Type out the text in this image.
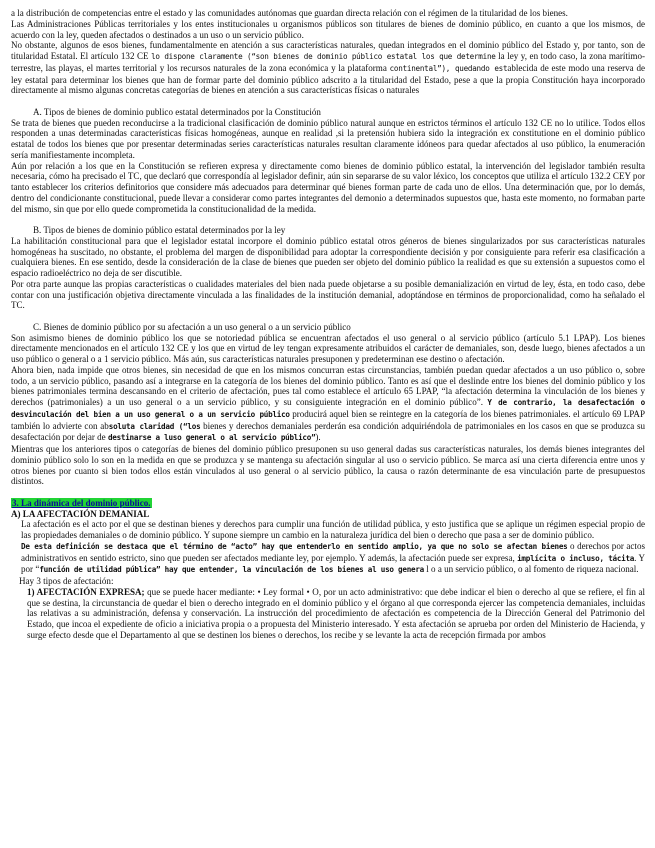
a la distribución de competencias entre el estado y las comunidades autónomas que guardan directa relación con el régimen de la titularidad de los bienes.

Las Administraciones Públicas territoriales y los entes institucionales u organismos públicos son titulares de bienes de dominio público, en cuanto a que los mismos, de acuerdo con la ley, queden afectados o destinados a un uso o un servicio público.

No obstante, algunos de esos bienes, fundamentalmente en atención a sus características naturales, quedan integrados en el dominio público del Estado y, por tanto, son de titularidad Estatal. El artículo 132 CE lo dispone claramente (“son bienes de dominio público estatal los que determine la ley y, en todo caso, la zona marítimo-terrestre, las playas, el martes territorial y los recursos naturales de la zona económica y la plataforma continental”), quedando establecida de este modo una reserva de ley estatal para determinar los bienes que han de formar parte del dominio público adscrito a la titularidad del Estado, pese a que la propia Constitución haya incorporado directamente al mismo algunas concretas categorías de bienes en atención a sus características físicas o naturales

A. Tipos de bienes de dominio publico estatal determinados por la Constitución

Se trata de bienes que pueden reconducirse a la tradicional clasificación de dominio público natural aunque en estrictos términos el artículo 132 CE no lo utilice. Todos ellos responden a unas determinadas características físicas homogéneas, aunque en realidad ,si la pretensión hubiera sido la integración ex constitutione en el dominio público estatal de todos los bienes que por presentar determinadas series características naturales resultan claramente idóneos para quedar afectados al uso público, la enumeración sería manifiestamente incompleta.

Aún por relación a los que en la Constitución se refieren expresa y directamente como bienes de dominio público estatal, la intervención del legislador también resulta necesaria, cómo ha precisado el TC, que declaró que correspondía al legislador definir, aún sin separarse de su valor léxico, los conceptos que utiliza el artículo 132.2 CEY por tanto establecer los criterios definitorios que considere más adecuados para determinar qué bienes forman parte de cada uno de ellos. Una determinación que, por lo demás, dentro del condicionante constitucional, puede llevar a considerar como partes integrantes del demonio a determinados supuestos que, hasta este momento, no formaban parte del mismo, sin que por ello quede comprometida la constitucionalidad de la medida.

B. Tipos de bienes de dominio público estatal determinados por la ley

La habilitación constitucional para que el legislador estatal incorpore el dominio público estatal otros géneros de bienes singularizados por sus características naturales homogéneas ha suscitado, no obstante, el problema del margen de disponibilidad para adoptar la correspondiente decisión y por consiguiente para referir esa clasificación a cualquiera bienes. En ese sentido, desde la consideración de la clase de bienes que pueden ser objeto del dominio público la realidad es que su extensión a supuestos como el espacio radioeléctrico no deja de ser discutible.

Por otra parte aunque las propias características o cualidades materiales del bien nada puede objetarse a su posible demanialización en virtud de ley, ésta, en todo caso, debe contar con una justificación objetiva directamente vinculada a las finalidades de la institución demanial, adoptándose en términos de proporcionalidad, como ha señalado el TC.

C. Bienes de dominio público por su afectación a un uso general o a un servicio público

Son asimismo bienes de dominio público los que se notoriedad pública se encuentran afectados el uso general o al servicio público (artículo 5.1 LPAP). Los bienes directamente mencionados en el artículo 132 CE y los que en virtud de ley tengan expresamente atribuidos el carácter de demaniales, son, desde luego, bienes afectados a un uso público o general o a 1 servicio público. Más aún, sus características naturales presuponen y predeterminan ese destino o afectación.

Ahora bien, nada impide que otros bienes, sin necesidad de que en los mismos concurran estas circunstancias, también puedan quedar afectados a un uso público o, sobre todo, a un servicio público, pasando así a integrarse en la categoría de los bienes del dominio público. Tanto es así que el deslinde entre los bienes del dominio público y los bienes patrimoniales termina descansando en el criterio de afectación, pues tal como establece el artículo 65 LPAP, “la afectación determina la vinculación de los bienes y derechos (patrimoniales) a un uso general o a un servicio público, y su consiguiente integración en el dominio público”. Y de contrario, la desafectación o desvinculación del bien a un uso general o a un servicio público producirá aquel bien se reintegre en la categoría de los bienes patrimoniales. el artículo 69 LPAP también lo advierte con absoluta claridad (“los bienes y derechos demaniales perderán esa condición adquiriéndola de patrimoniales en los casos en que se produzca su desafectación por dejar de destinarse a luso general o al servicio público”).

Mientras que los anteriores tipos o categorías de bienes del dominio público presuponen su uso general dadas sus características naturales, los demás bienes integrantes del dominio público solo lo son en la medida en que se produzca y se mantenga su afectación singular al uso o servicio público. Se marca así una cierta diferencia entre unos y otros bienes por cuanto si bien todos ellos están vinculados al uso general o al servicio público, la causa o razón determinante de esa vinculación parte de presupuestos distintos.

3. La dinámica del dominio público.

A) LA AFECTACIÓN DEMANIAL

La afectación es el acto por el que se destinan bienes y derechos para cumplir una función de utilidad pública, y esto justifica que se aplique un régimen especial propio de las propiedades demaniales o de dominio público. Y supone siempre un cambio en la naturaleza jurídica del bien o derecho que pasa a ser de dominio público.

De esta definición se destaca que el término de “acto” hay que entenderlo en sentido amplio, ya que no solo se afectan bienes o derechos por actos administrativos en sentido estricto, sino que pueden ser afectados mediante ley, por ejemplo. Y además, la afectación puede ser expresa, implícita o incluso, tácita. Y por “función de utilidad pública” hay que entender, la vinculación de los bienes al uso genera l o a un servicio público, o al fomento de riqueza nacional.

Hay 3 tipos de afectación:

1) AFECTACIÓN EXPRESA; que se puede hacer mediante: • Ley formal • O, por un acto administrativo: que debe indicar el bien o derecho al que se refiere, el fin al que se destina, la circunstancia de quedar el bien o derecho integrado en el dominio público y el órgano al que corresponda ejercer las competencia demaniales, incluidas las relativas a su administración, defensa y conservación. La instrucción del procedimiento de afectación es competencia de la Dirección General del Patrimonio del Estado, que incoa el expediente de oficio a iniciativa propia o a propuesta del Ministerio interesado. Y esta afectación se aprueba por orden del Ministerio de Hacienda, y surge efecto desde que el Departamento al que se destinen los bienes o derechos, los recibe y se levante la acta de recepción firmada por ambos
